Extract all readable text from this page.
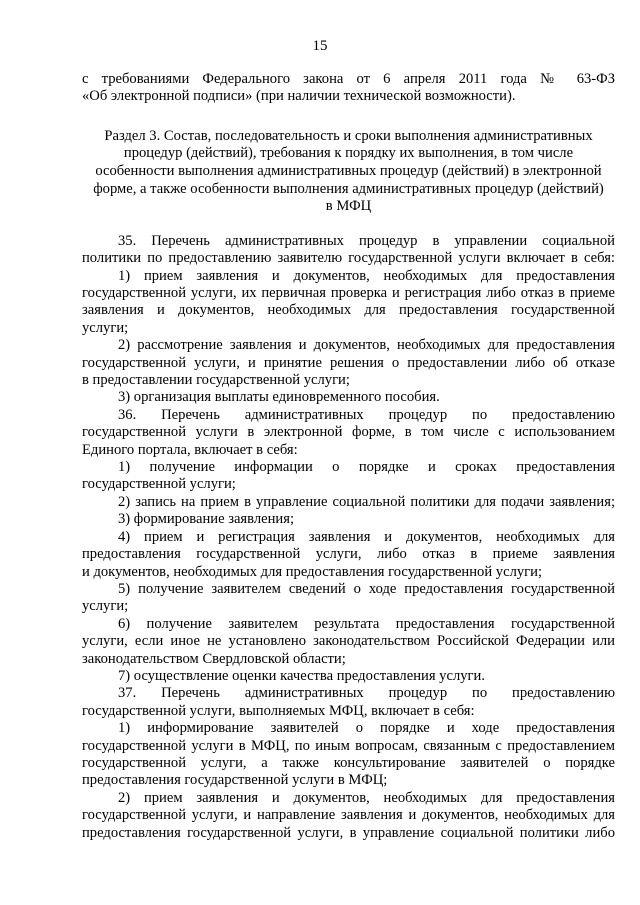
15
с требованиями Федерального закона от 6 апреля 2011 года № 63-ФЗ
«Об электронной подписи» (при наличии технической возможности).
Раздел 3. Состав, последовательность и сроки выполнения административных
процедур (действий), требования к порядку их выполнения, в том числе
особенности выполнения административных процедур (действий) в электронной
форме, а также особенности выполнения административных процедур (действий)
в МФЦ
35. Перечень административных процедур в управлении социальной
политики по предоставлению заявителю государственной услуги включает в себя:
1) прием заявления и документов, необходимых для предоставления
государственной услуги, их первичная проверка и регистрация либо отказ в приеме
заявления и документов, необходимых для предоставления государственной
услуги;
2) рассмотрение заявления и документов, необходимых для предоставления
государственной услуги, и принятие решения о предоставлении либо об отказе
в предоставлении государственной услуги;
3) организация выплаты единовременного пособия.
36. Перечень административных процедур по предоставлению
государственной услуги в электронной форме, в том числе с использованием
Единого портала, включает в себя:
1) получение информации о порядке и сроках предоставления
государственной услуги;
2) запись на прием в управление социальной политики для подачи заявления;
3) формирование заявления;
4) прием и регистрация заявления и документов, необходимых для
предоставления государственной услуги, либо отказ в приеме заявления
и документов, необходимых для предоставления государственной услуги;
5) получение заявителем сведений о ходе предоставления государственной
услуги;
6) получение заявителем результата предоставления государственной
услуги, если иное не установлено законодательством Российской Федерации или
законодательством Свердловской области;
7) осуществление оценки качества предоставления услуги.
37. Перечень административных процедур по предоставлению
государственной услуги, выполняемых МФЦ, включает в себя:
1) информирование заявителей о порядке и ходе предоставления
государственной услуги в МФЦ, по иным вопросам, связанным с предоставлением
государственной услуги, а также консультирование заявителей о порядке
предоставления государственной услуги в МФЦ;
2) прием заявления и документов, необходимых для предоставления
государственной услуги, и направление заявления и документов, необходимых для
предоставления государственной услуги, в управление социальной политики либо
